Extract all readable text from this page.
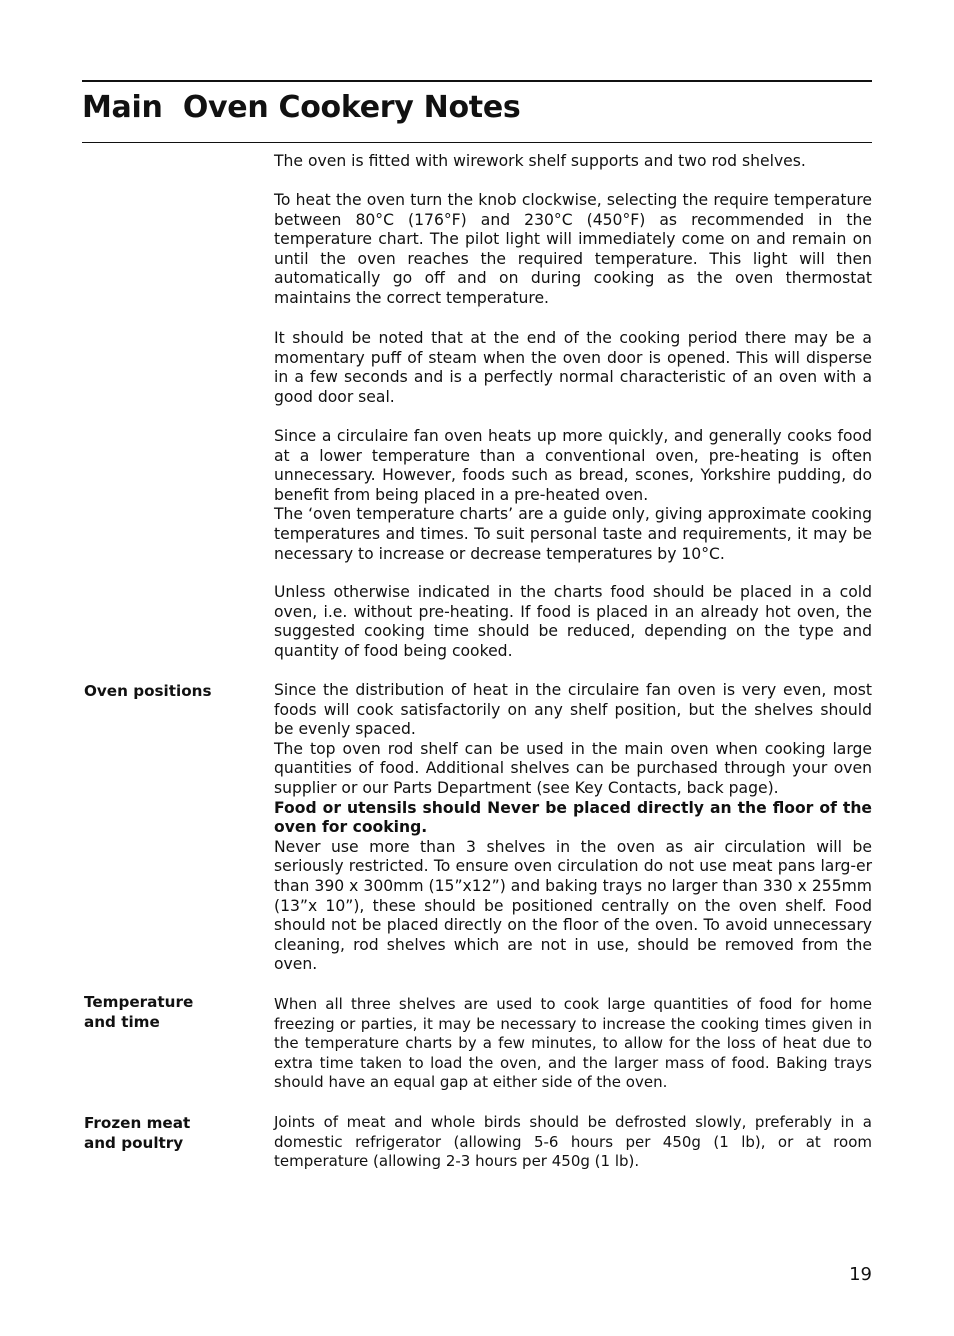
Main  Oven Cookery Notes

The oven is fitted with wirework shelf supports and two rod shelves.

To heat the oven turn the knob clockwise, selecting the require temperature between 80°C (176°F) and 230°C (450°F) as recommended in the temperature chart. The pilot light will immediately come on and remain on until the oven reaches the required temperature. This light will then automatically go off and on during cooking as the oven thermostat maintains the correct temperature.

It should be noted that at the end of the cooking period there may be a momentary puff of steam when the oven door is opened. This will disperse in a few seconds and is a perfectly normal characteristic of an oven with a good door seal.

Since a circulaire fan oven heats up more quickly, and generally cooks food at a lower temperature than a conventional oven, pre-heating is often unnecessary. However, foods such as bread, scones, Yorkshire pudding, do benefit from being placed in a pre-heated oven.

The ‘oven temperature charts’ are a guide only, giving approximate cooking temperatures and times. To suit personal taste and requirements, it may be necessary to increase or decrease temperatures by 10°C.

Unless otherwise indicated in the charts food should be placed in a cold oven, i.e. without pre-heating. If food is placed in an already hot oven, the suggested cooking time should be reduced, depending on the type and quantity of food being cooked.

Oven positions	Since the distribution of heat in the circulaire fan oven is very even, most foods will cook satisfactorily on any shelf position, but the shelves should be evenly spaced.

The top oven rod shelf can be used in the main oven when cooking large quantities of food. Additional shelves can be purchased through your oven supplier or our Parts Department (see Key Contacts, back page).

Food or utensils should Never be placed directly an the floor of the oven for cooking.

Never use more than 3 shelves in the oven as air circulation will be seriously restricted. To ensure oven circulation do not use meat pans larg-er than 390 x 300mm (15”x12”) and baking trays no larger than 330 x 255mm (13”x 10”), these should be positioned centrally on the oven shelf. Food should not be placed directly on the floor of the oven. To avoid unnecessary cleaning, rod shelves which are not in use, should be removed from the oven.

Temperature
and time

When all three shelves are used to cook large quantities of food for home freezing or parties, it may be necessary to increase the cooking times given in the temperature charts by a few minutes, to allow for the loss of heat due to extra time taken to load the oven, and the larger mass of food. Baking trays should have an equal gap at either side of the oven.

Frozen meat
and poultry

Joints of meat and whole birds should be defrosted slowly, preferably in a domestic refrigerator (allowing 5-6 hours per 450g (1 lb), or at room temperature (allowing 2-3 hours per 450g (1 lb).

19
